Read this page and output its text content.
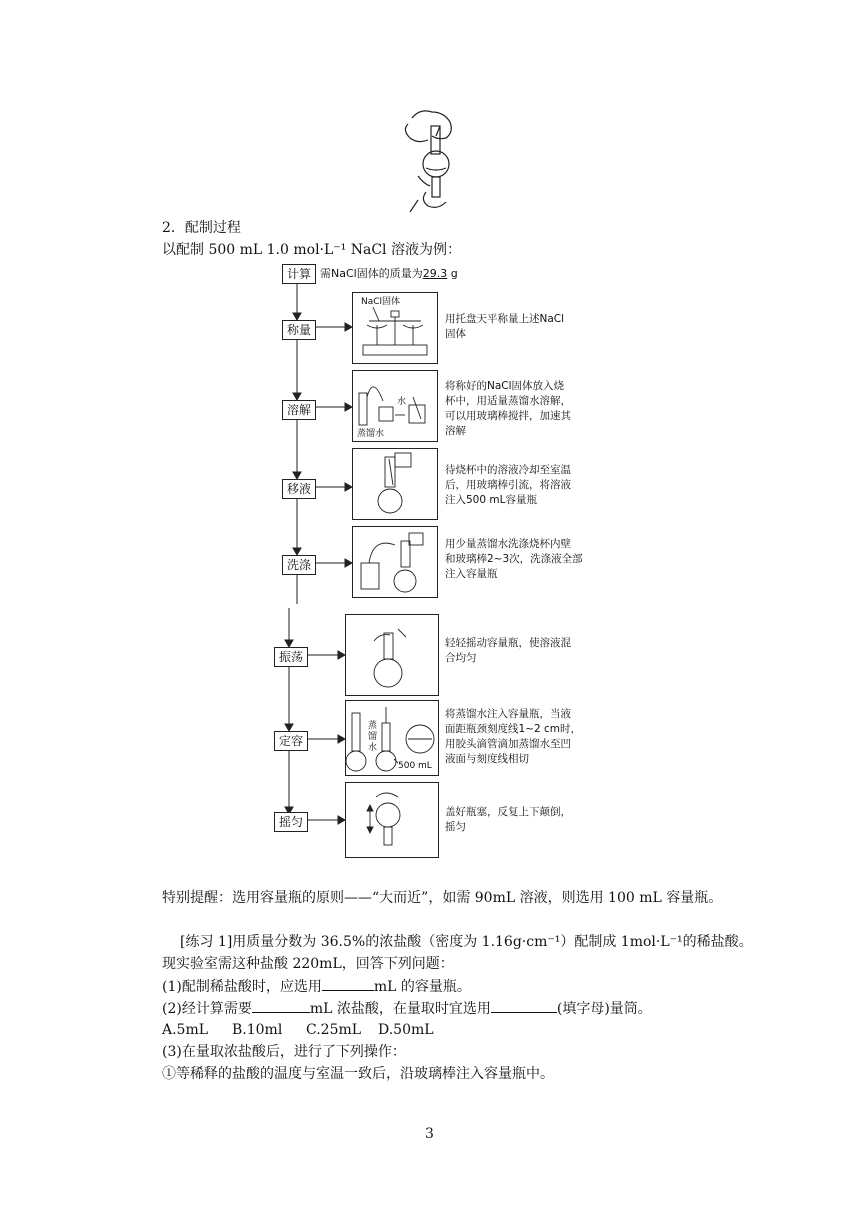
2．配制过程
以配制 500 mL 1.0 mol·L⁻¹ NaCl 溶液为例：
计算 需NaCl固体的质量为29.3 g
称量
溶解
移液
洗涤
振荡
定容
摇匀
NaCl固体
水
蒸馏水
蒸
馏
水
500 mL
用托盘天平称量上述NaCl
固体
将称好的NaCl固体放入烧
杯中，用适量蒸馏水溶解，
可以用玻璃棒搅拌，加速其
溶解
待烧杯中的溶液冷却至室温
后，用玻璃棒引流，将溶液
注入500 mL容量瓶
用少量蒸馏水洗涤烧杯内壁
和玻璃棒2~3次，洗涤液全部
注入容量瓶
轻轻摇动容量瓶，使溶液混
合均匀
将蒸馏水注入容量瓶，当液
面距瓶颈刻度线1~2 cm时，
用胶头滴管滴加蒸馏水至凹
液面与刻度线相切
盖好瓶塞，反复上下颠倒，
摇匀
特别提醒：选用容量瓶的原则——“大而近”，如需 90mL 溶液，则选用 100 mL 容量瓶。
[练习 1]用质量分数为 36.5%的浓盐酸（密度为 1.16g·cm⁻¹）配制成 1mol·L⁻¹的稀盐酸。
现实验室需这种盐酸 220mL，回答下列问题：
(1)配制稀盐酸时，应选用	mL 的容量瓶。
(2)经计算需要	mL 浓盐酸，在量取时宜选用	(填字母)量筒。
A.5mL B.10ml C.25mL D.50mL
(3)在量取浓盐酸后，进行了下列操作：
①等稀释的盐酸的温度与室温一致后，沿玻璃棒注入容量瓶中。
3
